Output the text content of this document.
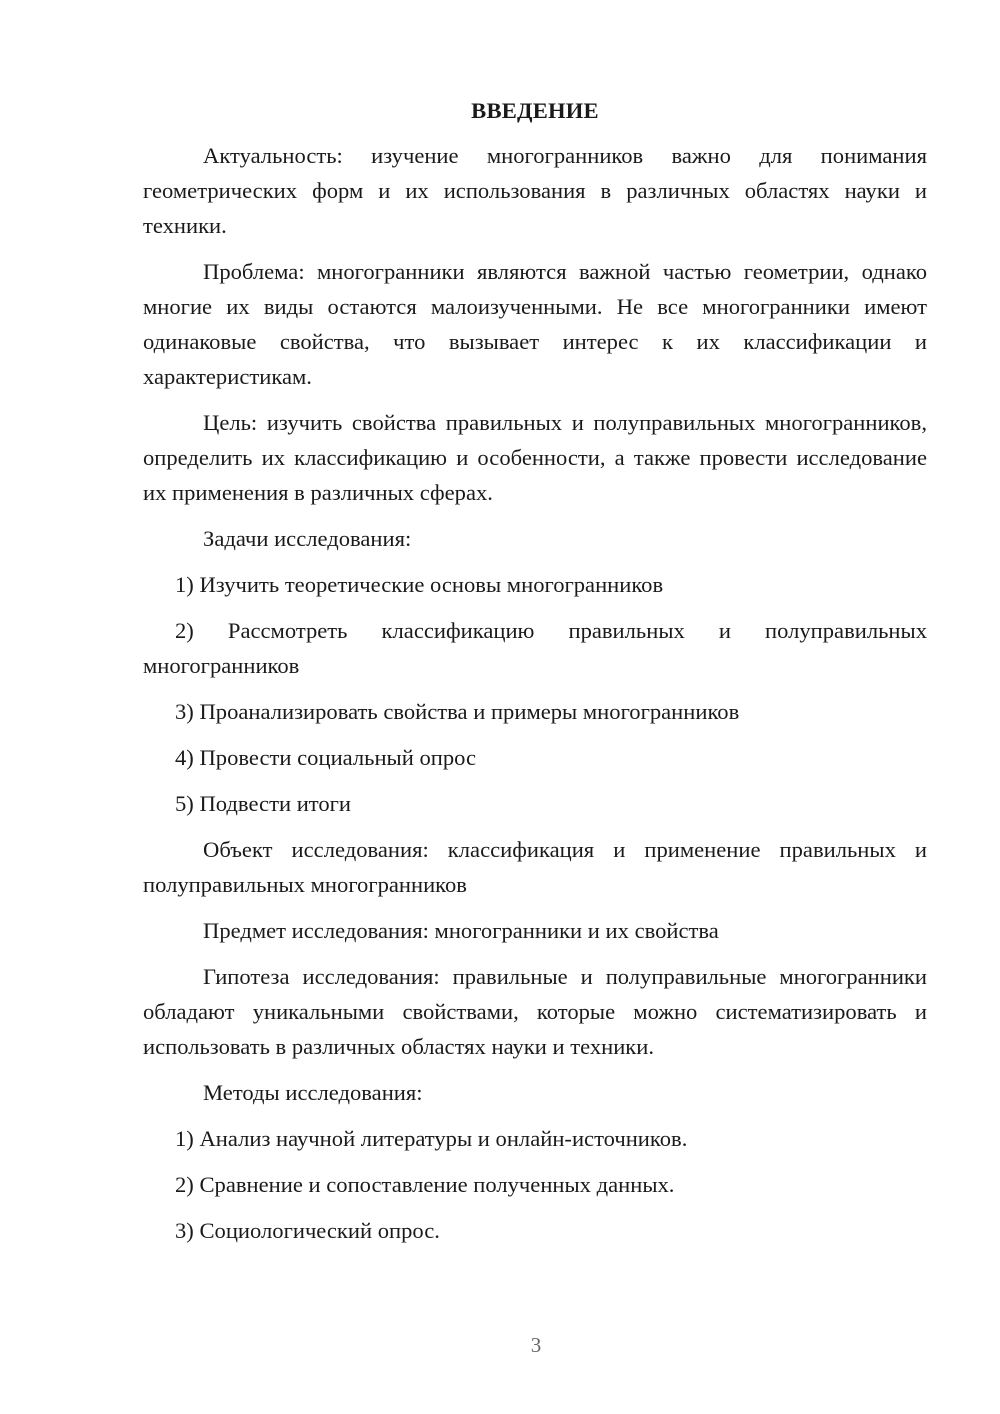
ВВЕДЕНИЕ

Актуальность: изучение многогранников важно для понимания геометрических форм и их использования в различных областях науки и техники.

Проблема: многогранники являются важной частью геометрии, однако многие их виды остаются малоизученными. Не все многогранники имеют одинаковые свойства, что вызывает интерес к их классификации и характеристикам.

Цель: изучить свойства правильных и полуправильных многогранников, определить их классификацию и особенности, а также провести исследование их применения в различных сферах.

Задачи исследования:

1) Изучить теоретические основы многогранников

2) Рассмотреть классификацию правильных и полуправильных многогранников

3) Проанализировать свойства и примеры многогранников

4) Провести социальный опрос

5) Подвести итоги

Объект исследования: классификация и применение правильных и полуправильных многогранников

Предмет исследования: многогранники и их свойства

Гипотеза исследования: правильные и полуправильные многогранники обладают уникальными свойствами, которые можно систематизировать и использовать в различных областях науки и техники.

Методы исследования:

1) Анализ научной литературы и онлайн-источников.

2) Сравнение и сопоставление полученных данных.

3) Социологический опрос.

3
